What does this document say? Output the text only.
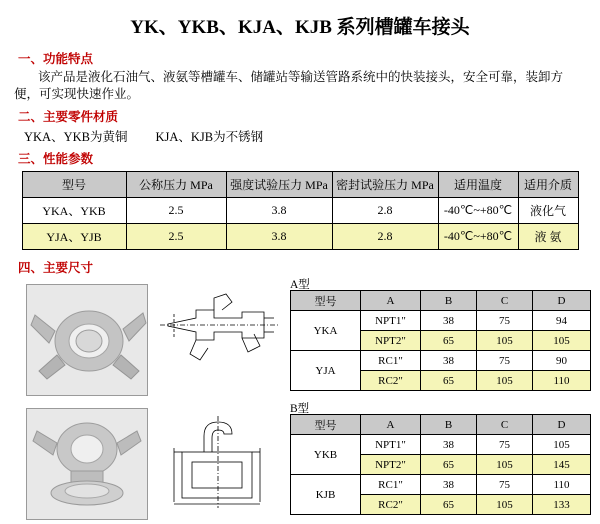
YK、YKB、KJA、KJB 系列槽罐车接头
一、功能特点
该产品是液化石油气、液氨等槽罐车、储罐站等输送管路系统中的快装接头，安全可靠，装卸方便，可实现快速作业。
二、主要零件材质
YKA、YKB为黄铜 KJA、KJB为不锈钢
三、性能参数
型号	公称压力 MPa	强度试验压力 MPa	密封试验压力 MPa	适用温度	适用介质
YKA、YKB	2.5	3.8	2.8	-40℃~+80℃	液化气
YJA、YJB	2.5	3.8	2.8	-40℃~+80℃	液 氨
四、主要尺寸
A型
型号	A	B	C	D
YKA	NPT1"	38	75	94
	NPT2"	65	105	105
YJA	RC1"	38	75	90
	RC2"	65	105	110
B型
型号	A	B	C	D
YKB	NPT1"	38	75	105
	NPT2"	65	105	145
KJB	RC1"	38	75	110
	RC2"	65	105	133
